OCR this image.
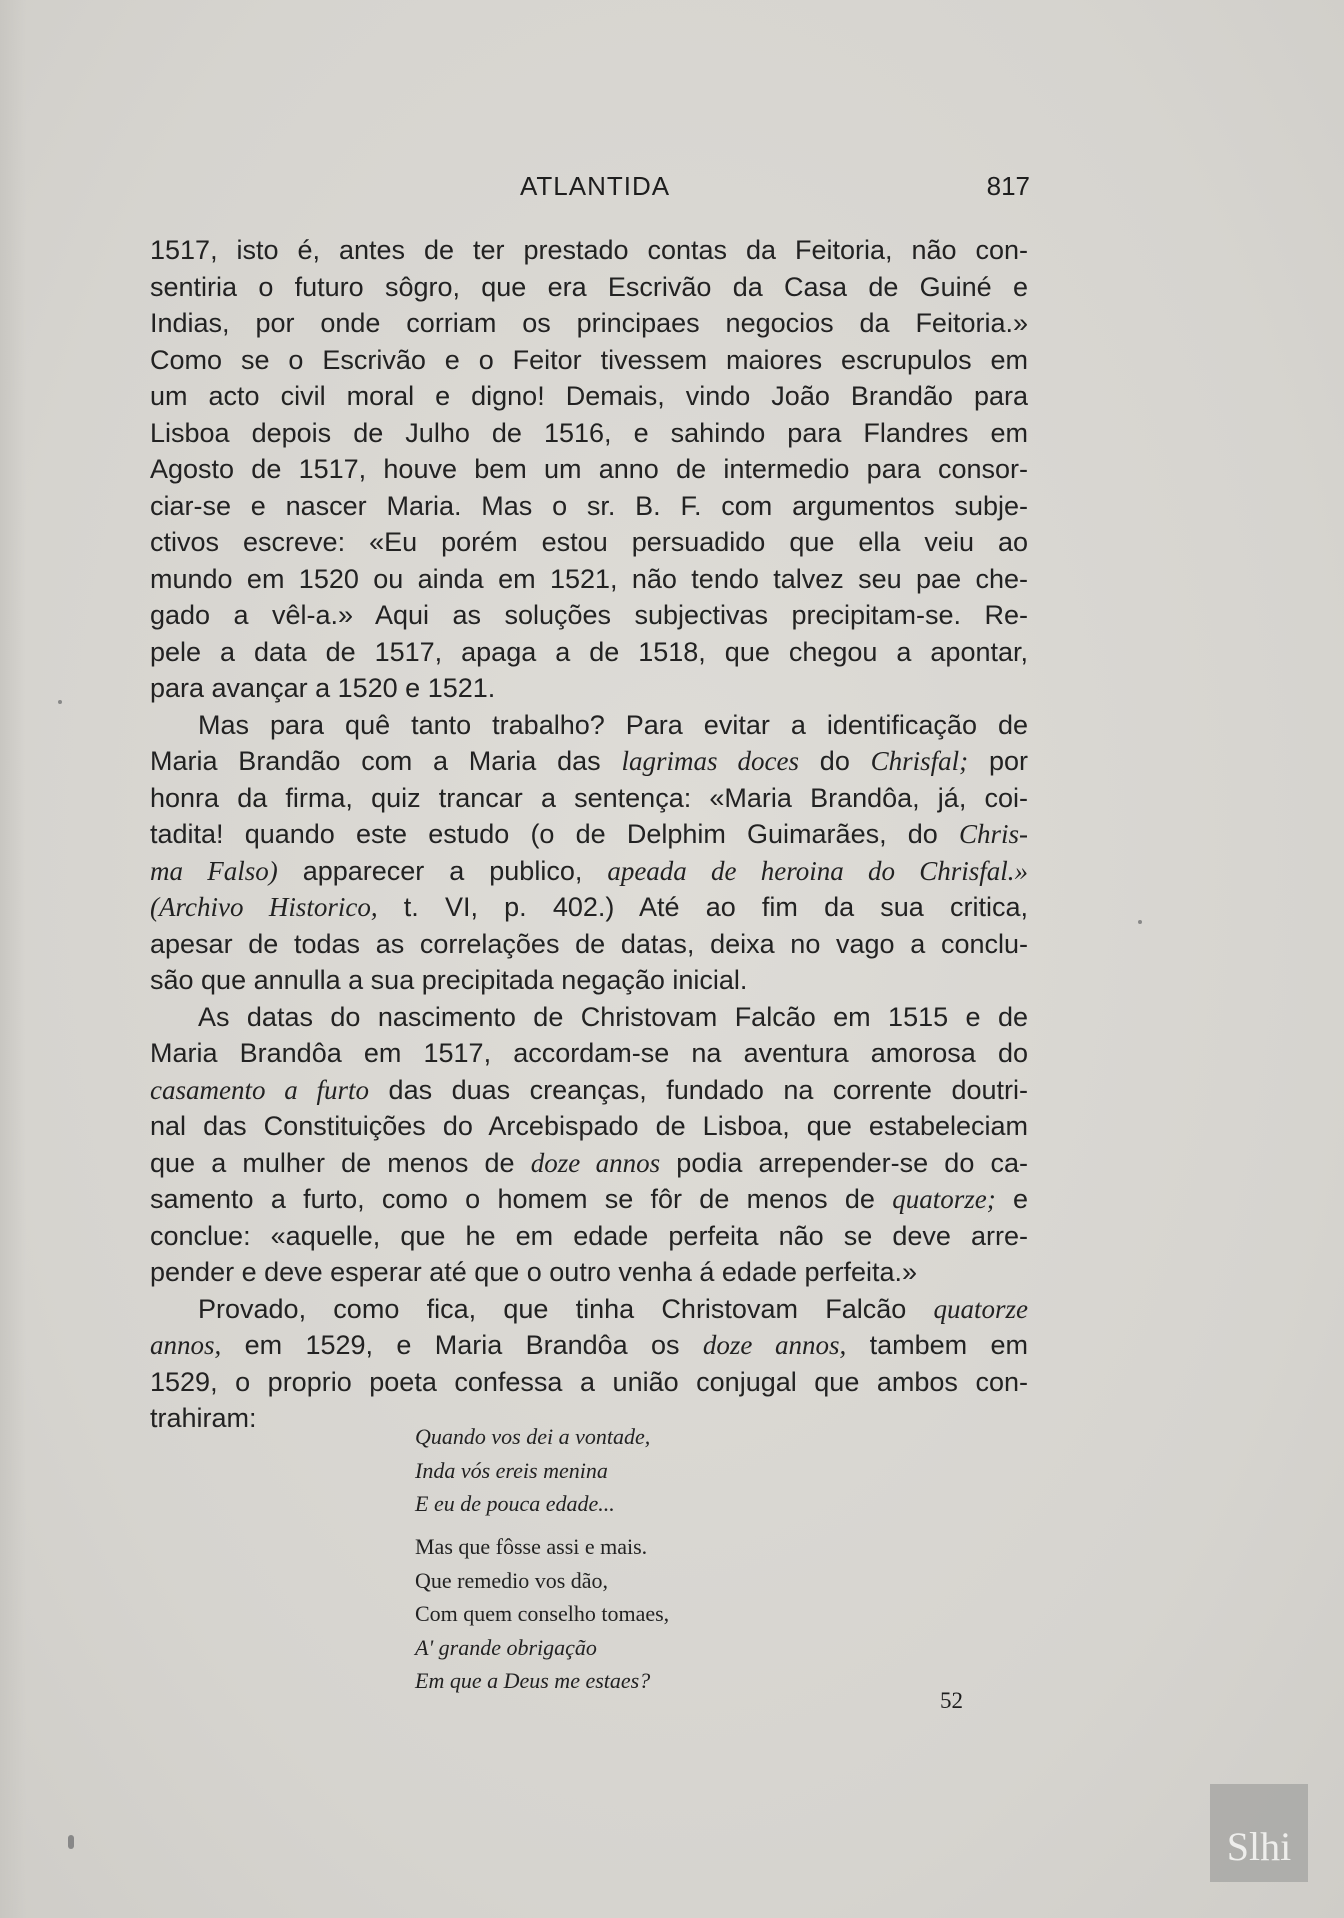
ATLANTIDA	817
1517, isto é, antes de ter prestado contas da Feitoria, não con-
sentiria o futuro sôgro, que era Escrivão da Casa de Guiné e
Indias, por onde corriam os principaes negocios da Feitoria.»
Como se o Escrivão e o Feitor tivessem maiores escrupulos em
um acto civil moral e digno! Demais, vindo João Brandão para
Lisboa depois de Julho de 1516, e sahindo para Flandres em
Agosto de 1517, houve bem um anno de intermedio para consor-
ciar-se e nascer Maria. Mas o sr. B. F. com argumentos subje-
ctivos escreve: «Eu porém estou persuadido que ella veiu ao
mundo em 1520 ou ainda em 1521, não tendo talvez seu pae che-
gado a vêl-a.» Aqui as soluções subjectivas precipitam-se. Re-
pele a data de 1517, apaga a de 1518, que chegou a apontar,
para avançar a 1520 e 1521.
Mas para quê tanto trabalho? Para evitar a identificação de
Maria Brandão com a Maria das lagrimas doces do Chrisfal; por
honra da firma, quiz trancar a sentença: «Maria Brandôa, já, coi-
tadita! quando este estudo (o de Delphim Guimarães, do Chris-
ma Falso) apparecer a publico, apeada de heroina do Chrisfal.»
(Archivo Historico, t. VI, p. 402.) Até ao fim da sua critica,
apesar de todas as correlações de datas, deixa no vago a conclu-
são que annulla a sua precipitada negação inicial.
As datas do nascimento de Christovam Falcão em 1515 e de
Maria Brandôa em 1517, accordam-se na aventura amorosa do
casamento a furto das duas creanças, fundado na corrente doutri-
nal das Constituições do Arcebispado de Lisboa, que estabeleciam
que a mulher de menos de doze annos podia arrepender-se do ca-
samento a furto, como o homem se fôr de menos de quatorze; e
conclue: «aquelle, que he em edade perfeita não se deve arre-
pender e deve esperar até que o outro venha á edade perfeita.»
Provado, como fica, que tinha Christovam Falcão quatorze
annos, em 1529, e Maria Brandôa os doze annos, tambem em
1529, o proprio poeta confessa a união conjugal que ambos con-
trahiram:
Quando vos dei a vontade,
Inda vós ereis menina
E eu de pouca edade...
Mas que fôsse assi e mais.
Que remedio vos dão,
Com quem conselho tomaes,
A' grande obrigação
Em que a Deus me estaes?
52
Slhi
